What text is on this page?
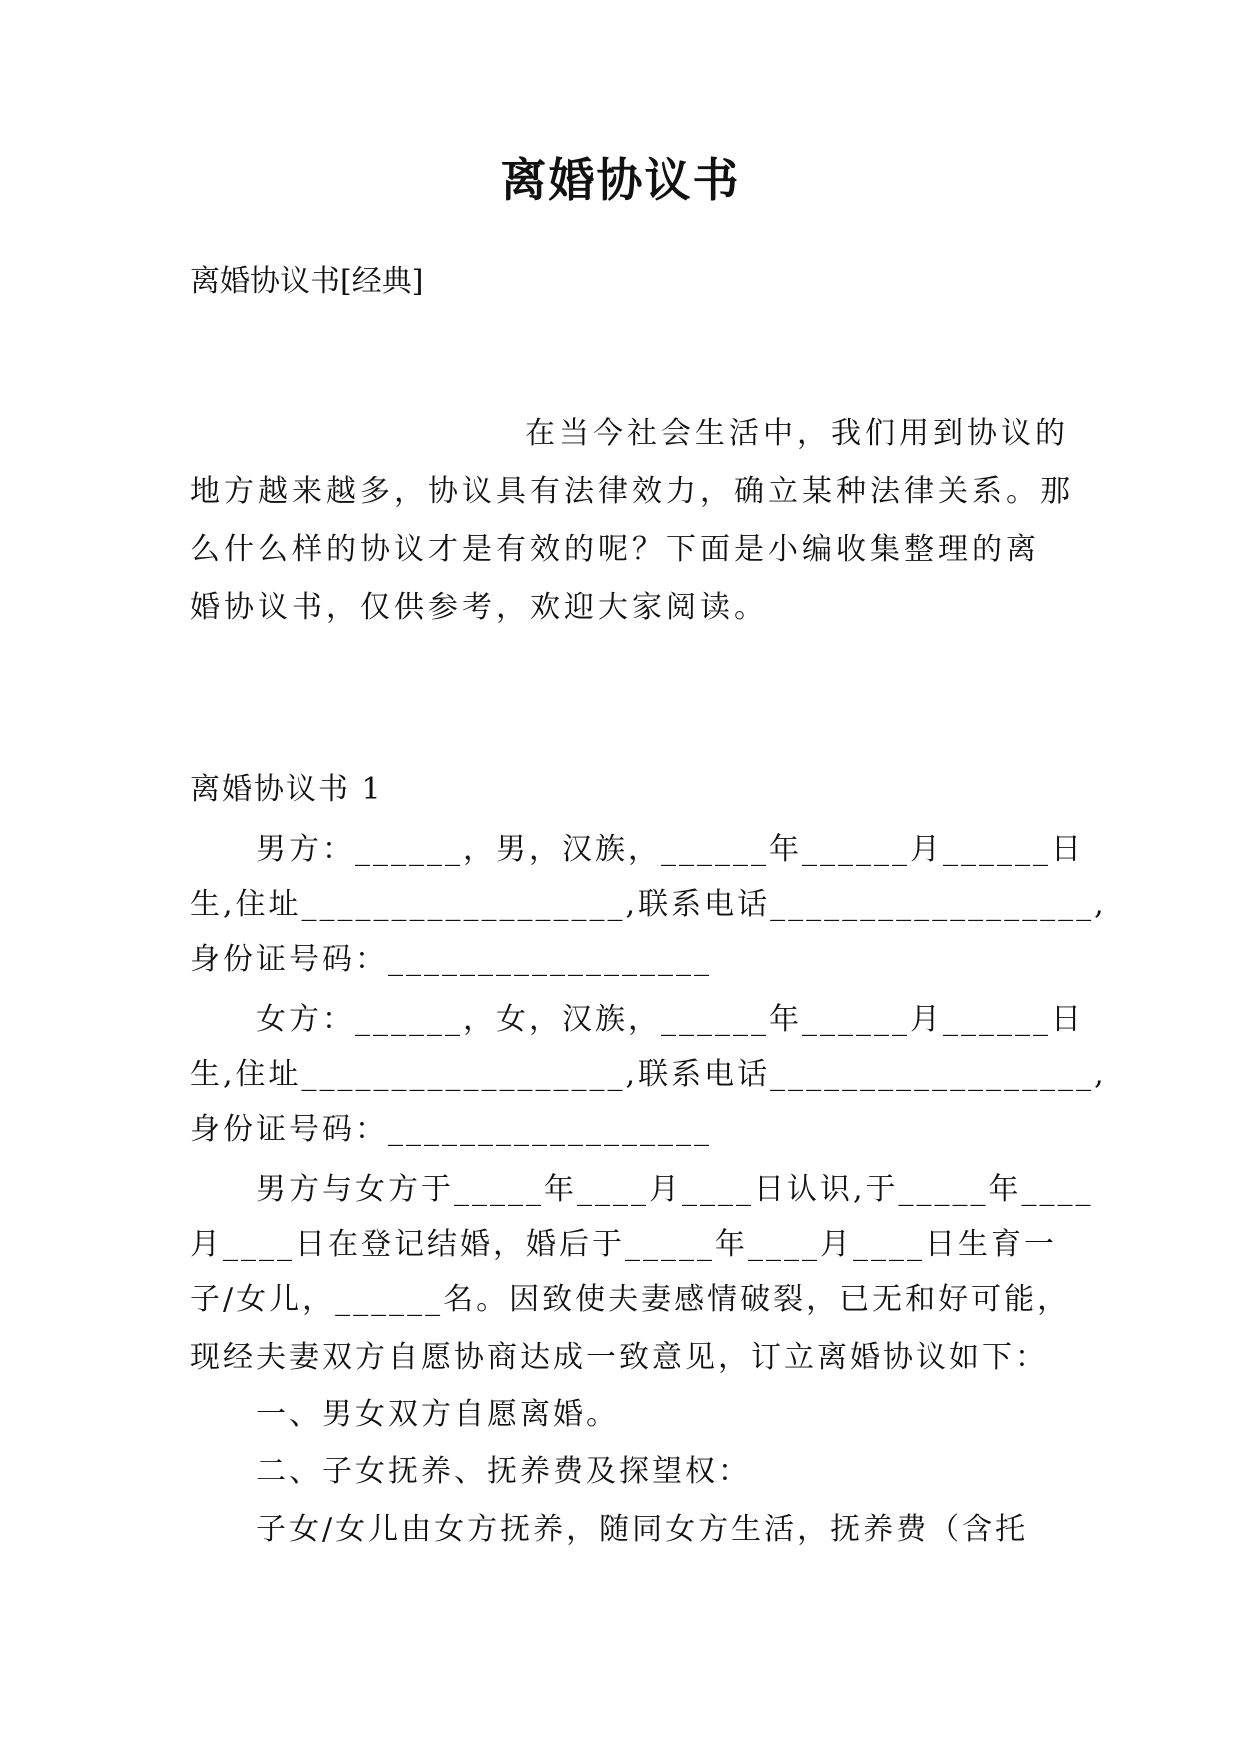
离婚协议书
离婚协议书[经典]
在当今社会生活中，我们用到协议的
地方越来越多，协议具有法律效力，确立某种法律关系。那
么什么样的协议才是有效的呢？下面是小编收集整理的离
婚协议书，仅供参考，欢迎大家阅读。
离婚协议书 1
　　男方：______，男，汉族，______年______月______日
生,住址__________________,联系电话__________________,
身份证号码：__________________
　　女方：______，女，汉族，______年______月______日
生,住址__________________,联系电话__________________,
身份证号码：__________________
　　男方与女方于_____年____月____日认识,于_____年____
月____日在登记结婚，婚后于_____年____月____日生育一
子/女儿，______名。因致使夫妻感情破裂，已无和好可能，
现经夫妻双方自愿协商达成一致意见，订立离婚协议如下：
　　一、男女双方自愿离婚。
　　二、子女抚养、抚养费及探望权：
　　子女/女儿由女方抚养，随同女方生活，抚养费（含托
